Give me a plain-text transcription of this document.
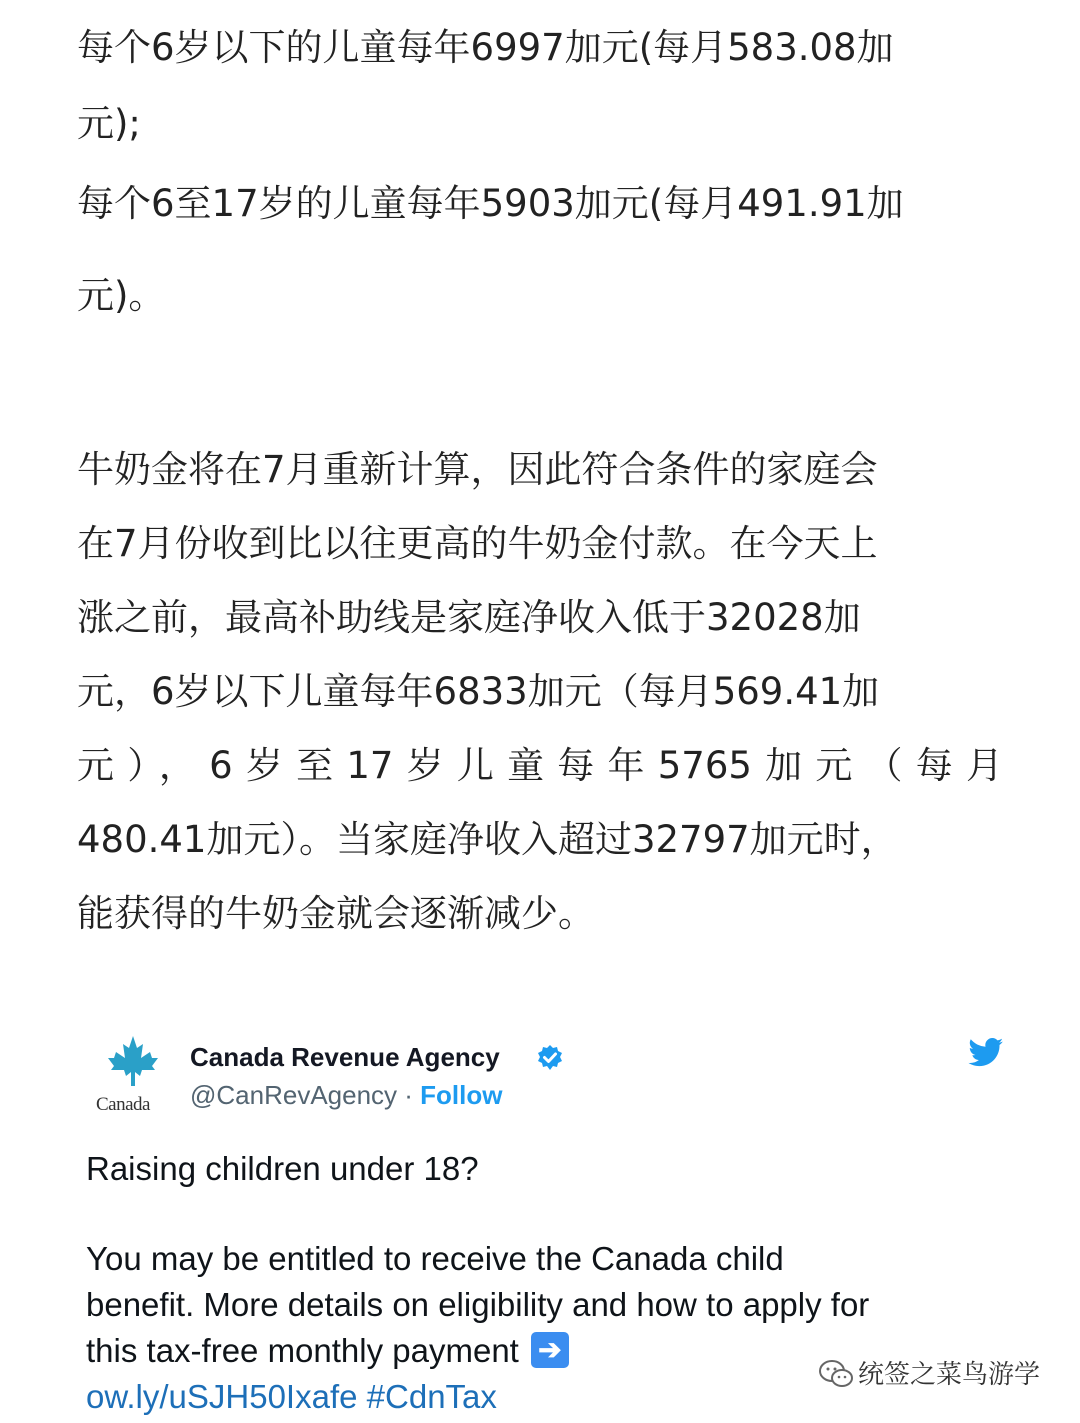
每个6岁以下的儿童每年6997加元(每月583.08加
元);
每个6至17岁的儿童每年5903加元(每月491.91加
元)。
牛奶金将在7月重新计算，因此符合条件的家庭会
在7月份收到比以往更高的牛奶金付款。在今天上
涨之前，最高补助线是家庭净收入低于32028加
元，6岁以下儿童每年6833加元（每月569.41加
元），6岁至17岁儿童每年5765加元（每月
480.41加元）。当家庭净收入超过32797加元时，
能获得的牛奶金就会逐渐减少。
Canada
Canada Revenue Agency
@CanRevAgency · Follow
Raising children under 18?
You may be entitled to receive the Canada child
benefit. More details on eligibility and how to apply for
this tax-free monthly payment ➔
ow.ly/uSJH50Ixafe #CdnTax
统签之菜鸟游学
